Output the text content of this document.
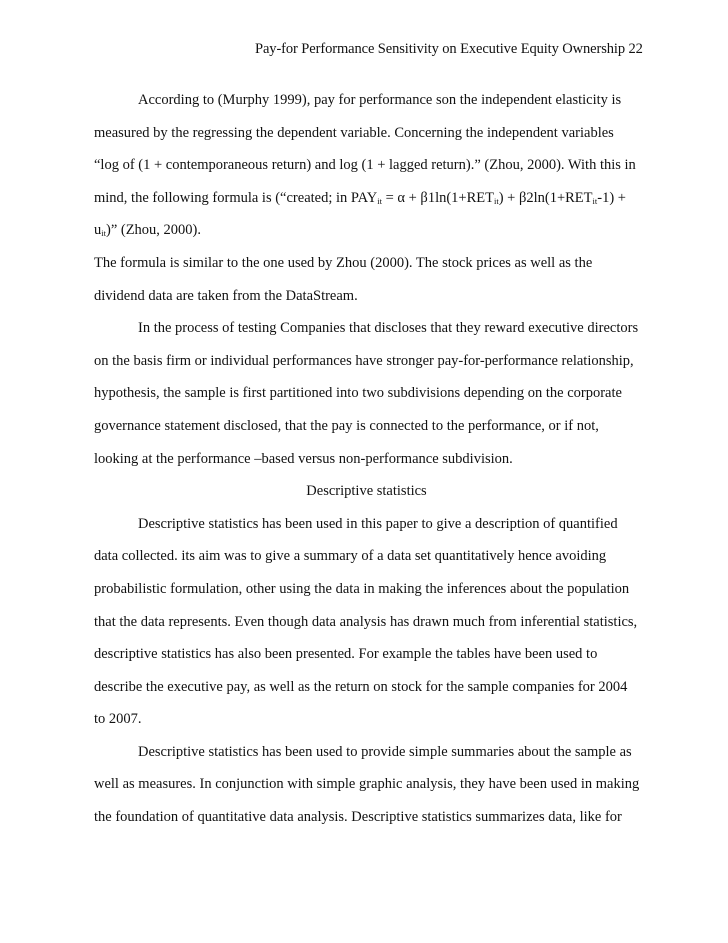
Pay-for Performance Sensitivity on Executive Equity Ownership 22
According to (Murphy 1999), pay for performance son the independent elasticity is
measured by the regressing the dependent variable. Concerning the independent variables
“log of (1 + contemporaneous return) and log (1 + lagged return).” (Zhou, 2000). With this in
mind, the following formula is (“created; in $PAY_{it} = \alpha + \beta 1\ln(1+RET_{it}) + \beta 2\ln(1+RET_{it}-1)$ +
$u_{it}$)” (Zhou, 2000).
The formula is similar to the one used by Zhou (2000). The stock prices as well as the
dividend data are taken from the DataStream.
In the process of testing Companies that discloses that they reward executive directors
on the basis firm or individual performances have stronger pay-for-performance relationship,
hypothesis, the sample is first partitioned into two subdivisions depending on the corporate
governance statement disclosed, that the pay is connected to the performance, or if not,
looking at the performance –based versus non-performance subdivision.
Descriptive statistics
Descriptive statistics has been used in this paper to give a description of quantified
data collected. its aim was to give a summary of a data set quantitatively hence avoiding
probabilistic formulation, other using the data in making the inferences about the population
that the data represents. Even though data analysis has drawn much from inferential statistics,
descriptive statistics has also been presented. For example the tables have been used to
describe the executive pay, as well as the return on stock for the sample companies for 2004
to 2007.
Descriptive statistics has been used to provide simple summaries about the sample as
well as measures. In conjunction with simple graphic analysis, they have been used in making
the foundation of quantitative data analysis. Descriptive statistics summarizes data, like for
